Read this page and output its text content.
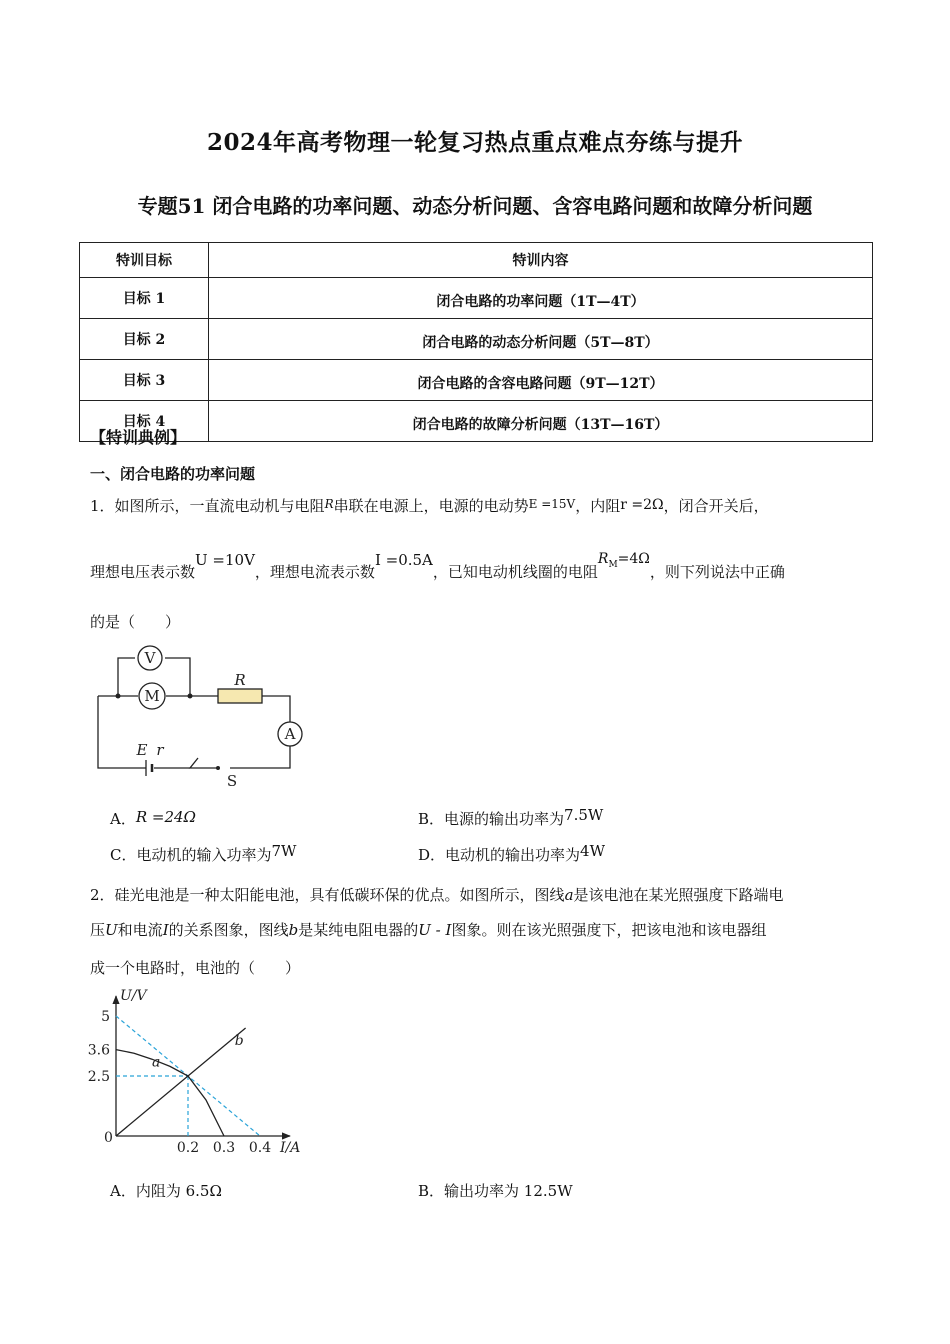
2024年高考物理一轮复习热点重点难点夯练与提升
专题51 闭合电路的功率问题、动态分析问题、含容电路问题和故障分析问题
特训目标	特训内容
目标 1	闭合电路的功率问题（1T—4T）
目标 2	闭合电路的动态分析问题（5T—8T）
目标 3	闭合电路的含容电路问题（9T—12T）
目标 4	闭合电路的故障分析问题（13T—16T）
【特训典例】
一、闭合电路的功率问题
1．如图所示，一直流电动机与电阻$^R$串联在电源上，电源的电动势$^{E =15V}$，内阻r =2Ω，闭合开关后，
理想电压表示数U =10V，理想电流表示数I =0.5A，已知电动机线圈的电阻$R^M=4\Omega$，则下列说法中正确
的是（　　）
V
M
A
R
E r
S
A．R =24Ω	B．电源的输出功率为7.5W
C．电动机的输入功率为7W	D．电动机的输出功率为4W
2．硅光电池是一种太阳能电池，具有低碳环保的优点。如图所示，图线a是该电池在某光照强度下路端电
压U和电流I的关系图象，图线b是某纯电阻电器的U - I图象。则在该光照强度下，把该电池和该电器组
成一个电路时，电池的（　　）
U/V
I/A
0
5
3.6
2.5
0.2 0.3 0.4
a
b
A．内阻为 6.5Ω	B．输出功率为 12.5W
